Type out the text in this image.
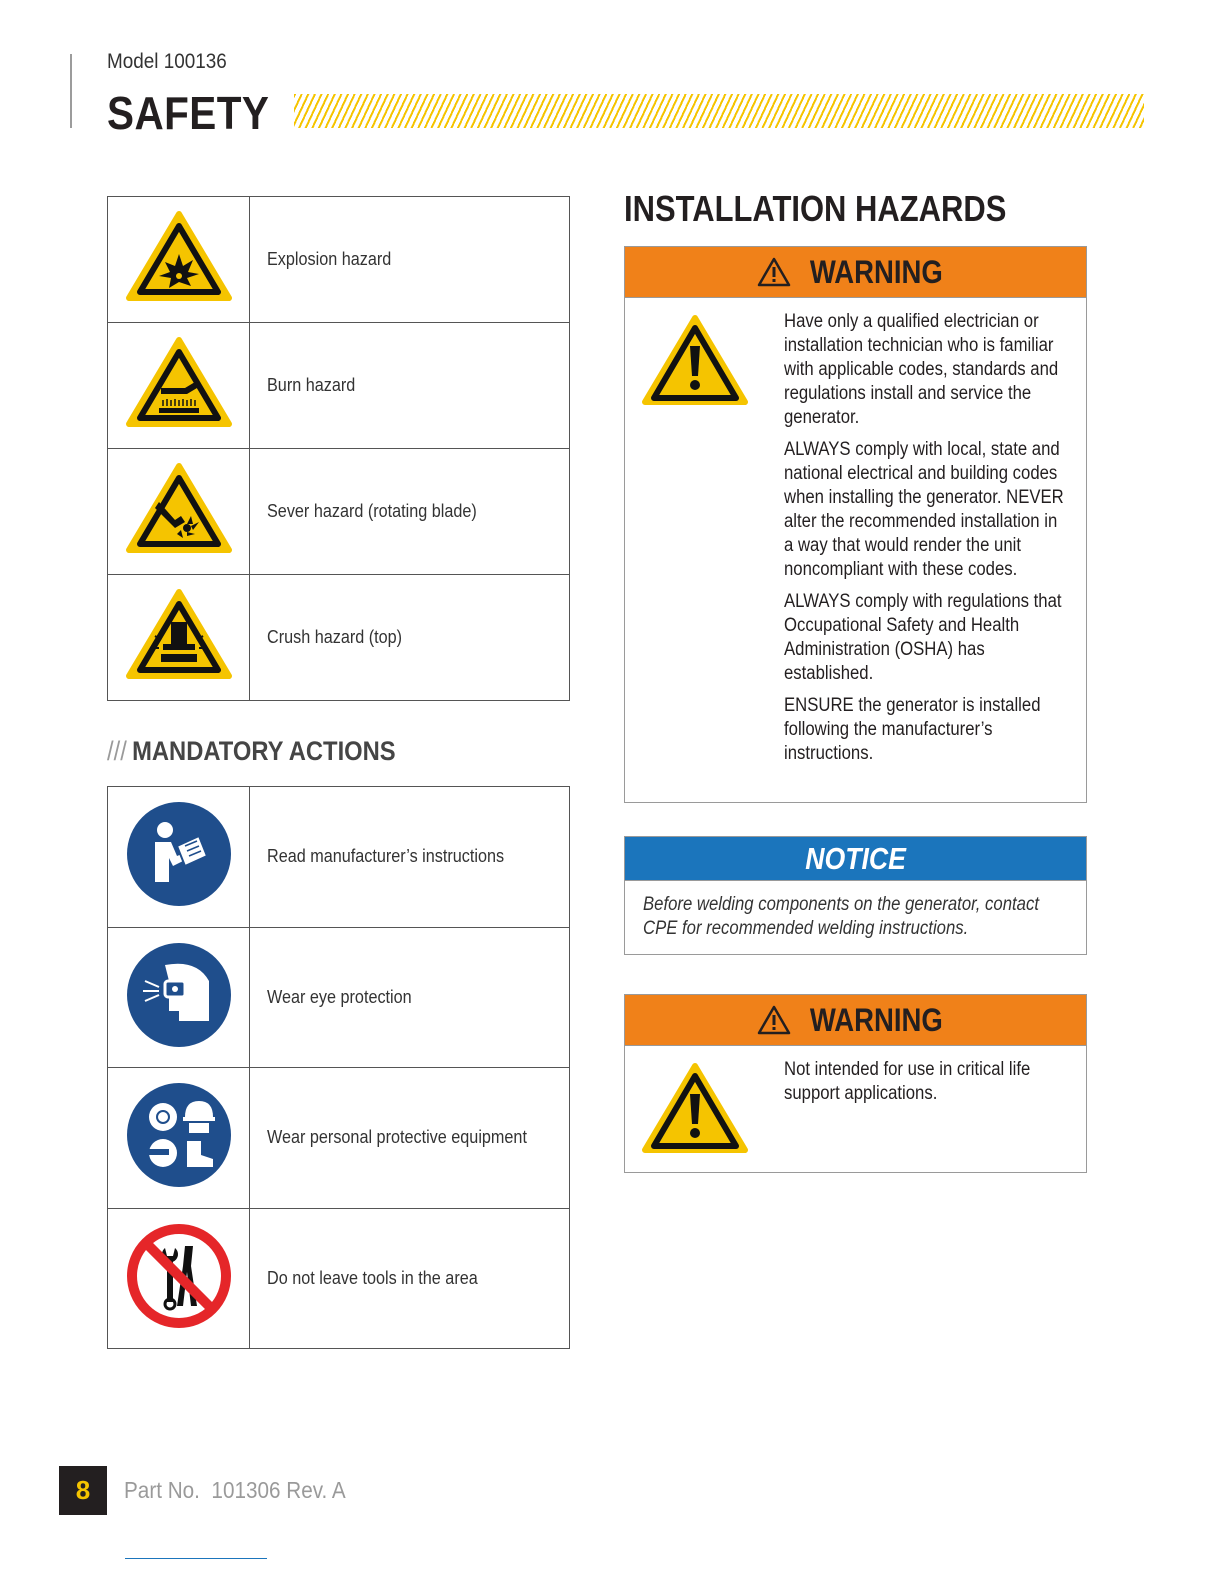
Model 100136
SAFETY
	Explosion hazard
	Burn hazard
	Sever hazard (rotating blade)
	Crush hazard (top)
/// MANDATORY ACTIONS
	Read manufacturer’s instructions
	Wear eye protection
	Wear personal protective equipment
	Do not leave tools in the area
INSTALLATION HAZARDS
WARNING

Have only a qualified electrician or installation technician who is familiar with applicable codes, standards and regulations install and service the generator.

ALWAYS comply with local, state and national electrical and building codes when installing the generator. NEVER alter the recommended installation in a way that would render the unit noncompliant with these codes.

ALWAYS comply with regulations that Occupational Safety and Health Administration (OSHA) has established.

ENSURE the generator is installed following the manufacturer’s instructions.

NOTICE

Before welding components on the generator, contact CPE for recommended welding instructions.

WARNING

Not intended for use in critical life support applications.

8	Part No.  101306 Rev. A
